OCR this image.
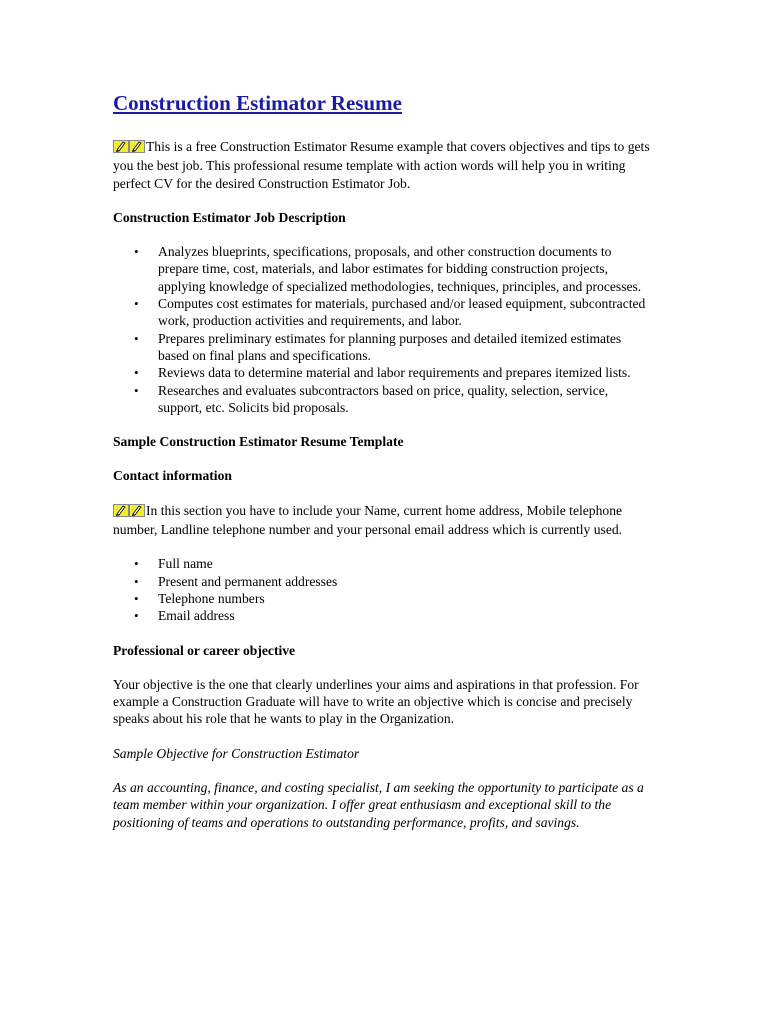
Construction Estimator Resume

This is a free Construction Estimator Resume example that covers objectives and tips to gets you the best job. This professional resume template with action words will help you in writing perfect CV for the desired Construction Estimator Job.

Construction Estimator Job Description

• Analyzes blueprints, specifications, proposals, and other construction documents to prepare time, cost, materials, and labor estimates for bidding construction projects, applying knowledge of specialized methodologies, techniques, principles, and processes.
• Computes cost estimates for materials, purchased and/or leased equipment, subcontracted work, production activities and requirements, and labor.
• Prepares preliminary estimates for planning purposes and detailed itemized estimates based on final plans and specifications.
• Reviews data to determine material and labor requirements and prepares itemized lists.
• Researches and evaluates subcontractors based on price, quality, selection, service, support, etc. Solicits bid proposals.

Sample Construction Estimator Resume Template

Contact information

In this section you have to include your Name, current home address, Mobile telephone number, Landline telephone number and your personal email address which is currently used.

• Full name
• Present and permanent addresses
• Telephone numbers
• Email address

Professional or career objective

Your objective is the one that clearly underlines your aims and aspirations in that profession. For example a Construction Graduate will have to write an objective which is concise and precisely speaks about his role that he wants to play in the Organization.

Sample Objective for Construction Estimator

As an accounting, finance, and costing specialist, I am seeking the opportunity to participate as a team member within your organization. I offer great enthusiasm and exceptional skill to the positioning of teams and operations to outstanding performance, profits, and savings.
